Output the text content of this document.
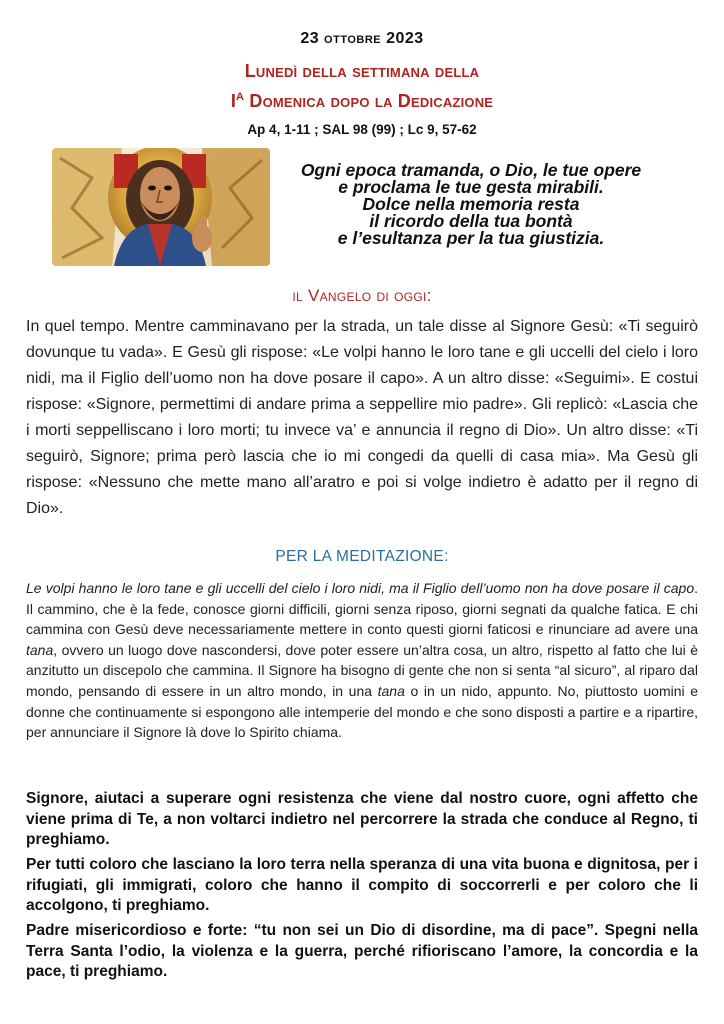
23 ottobre 2023
Lunedì della settimana della
$I^A$ Domenica dopo la Dedicazione
Ap 4, 1-11 ; SAL 98 (99) ; Lc 9, 57-62
Ogni epoca tramanda, o Dio, le tue opere
e proclama le tue gesta mirabili.
Dolce nella memoria resta
il ricordo della tua bontà
e l’esultanza per la tua giustizia.
il Vangelo di oggi:
In quel tempo. Mentre camminavano per la strada, un tale disse al Signore Gesù: «Ti seguirò dovunque tu vada». E Gesù gli rispose: «Le volpi hanno le loro tane e gli uccelli del cielo i loro nidi, ma il Figlio dell’uomo non ha dove posare il capo». A un altro disse: «Seguimi». E costui rispose: «Signore, permettimi di andare prima a seppellire mio padre». Gli replicò: «Lascia che i morti seppelliscano i loro morti; tu invece va’ e annuncia il regno di Dio». Un altro disse: «Ti seguirò, Signore; prima però lascia che io mi congedi da quelli di casa mia». Ma Gesù gli rispose: «Nessuno che mette mano all’aratro e poi si volge indietro è adatto per il regno di Dio».
PER LA MEDITAZIONE:
Le volpi hanno le loro tane e gli uccelli del cielo i loro nidi, ma il Figlio dell’uomo non ha dove posare il capo. Il cammino, che è la fede, conosce giorni difficili, giorni senza riposo, giorni segnati da qualche fatica. E chi cammina con Gesù deve necessariamente mettere in conto questi giorni faticosi e rinunciare ad avere una tana, ovvero un luogo dove nascondersi, dove poter essere un’altra cosa, un altro, rispetto al fatto che lui è anzitutto un discepolo che cammina. Il Signore ha bisogno di gente che non si senta “al sicuro”, al riparo dal mondo, pensando di essere in un altro mondo, in una tana o in un nido, appunto. No, piuttosto uomini e donne che continuamente si espongono alle intemperie del mondo e che sono disposti a partire e a ripartire, per annunciare il Signore là dove lo Spirito chiama.
Signore, aiutaci a superare ogni resistenza che viene dal nostro cuore, ogni affetto che viene prima di Te, a non voltarci indietro nel percorrere la strada che conduce al Regno, ti preghiamo.
Per tutti coloro che lasciano la loro terra nella speranza di una vita buona e dignitosa, per i rifugiati, gli immigrati, coloro che hanno il compito di soccorrerli e per coloro che li accolgono, ti preghiamo.
Padre misericordioso e forte: “tu non sei un Dio di disordine, ma di pace”. Spegni nella Terra Santa l’odio, la violenza e la guerra, perché rifioriscano l’amore, la concordia e la pace, ti preghiamo.
